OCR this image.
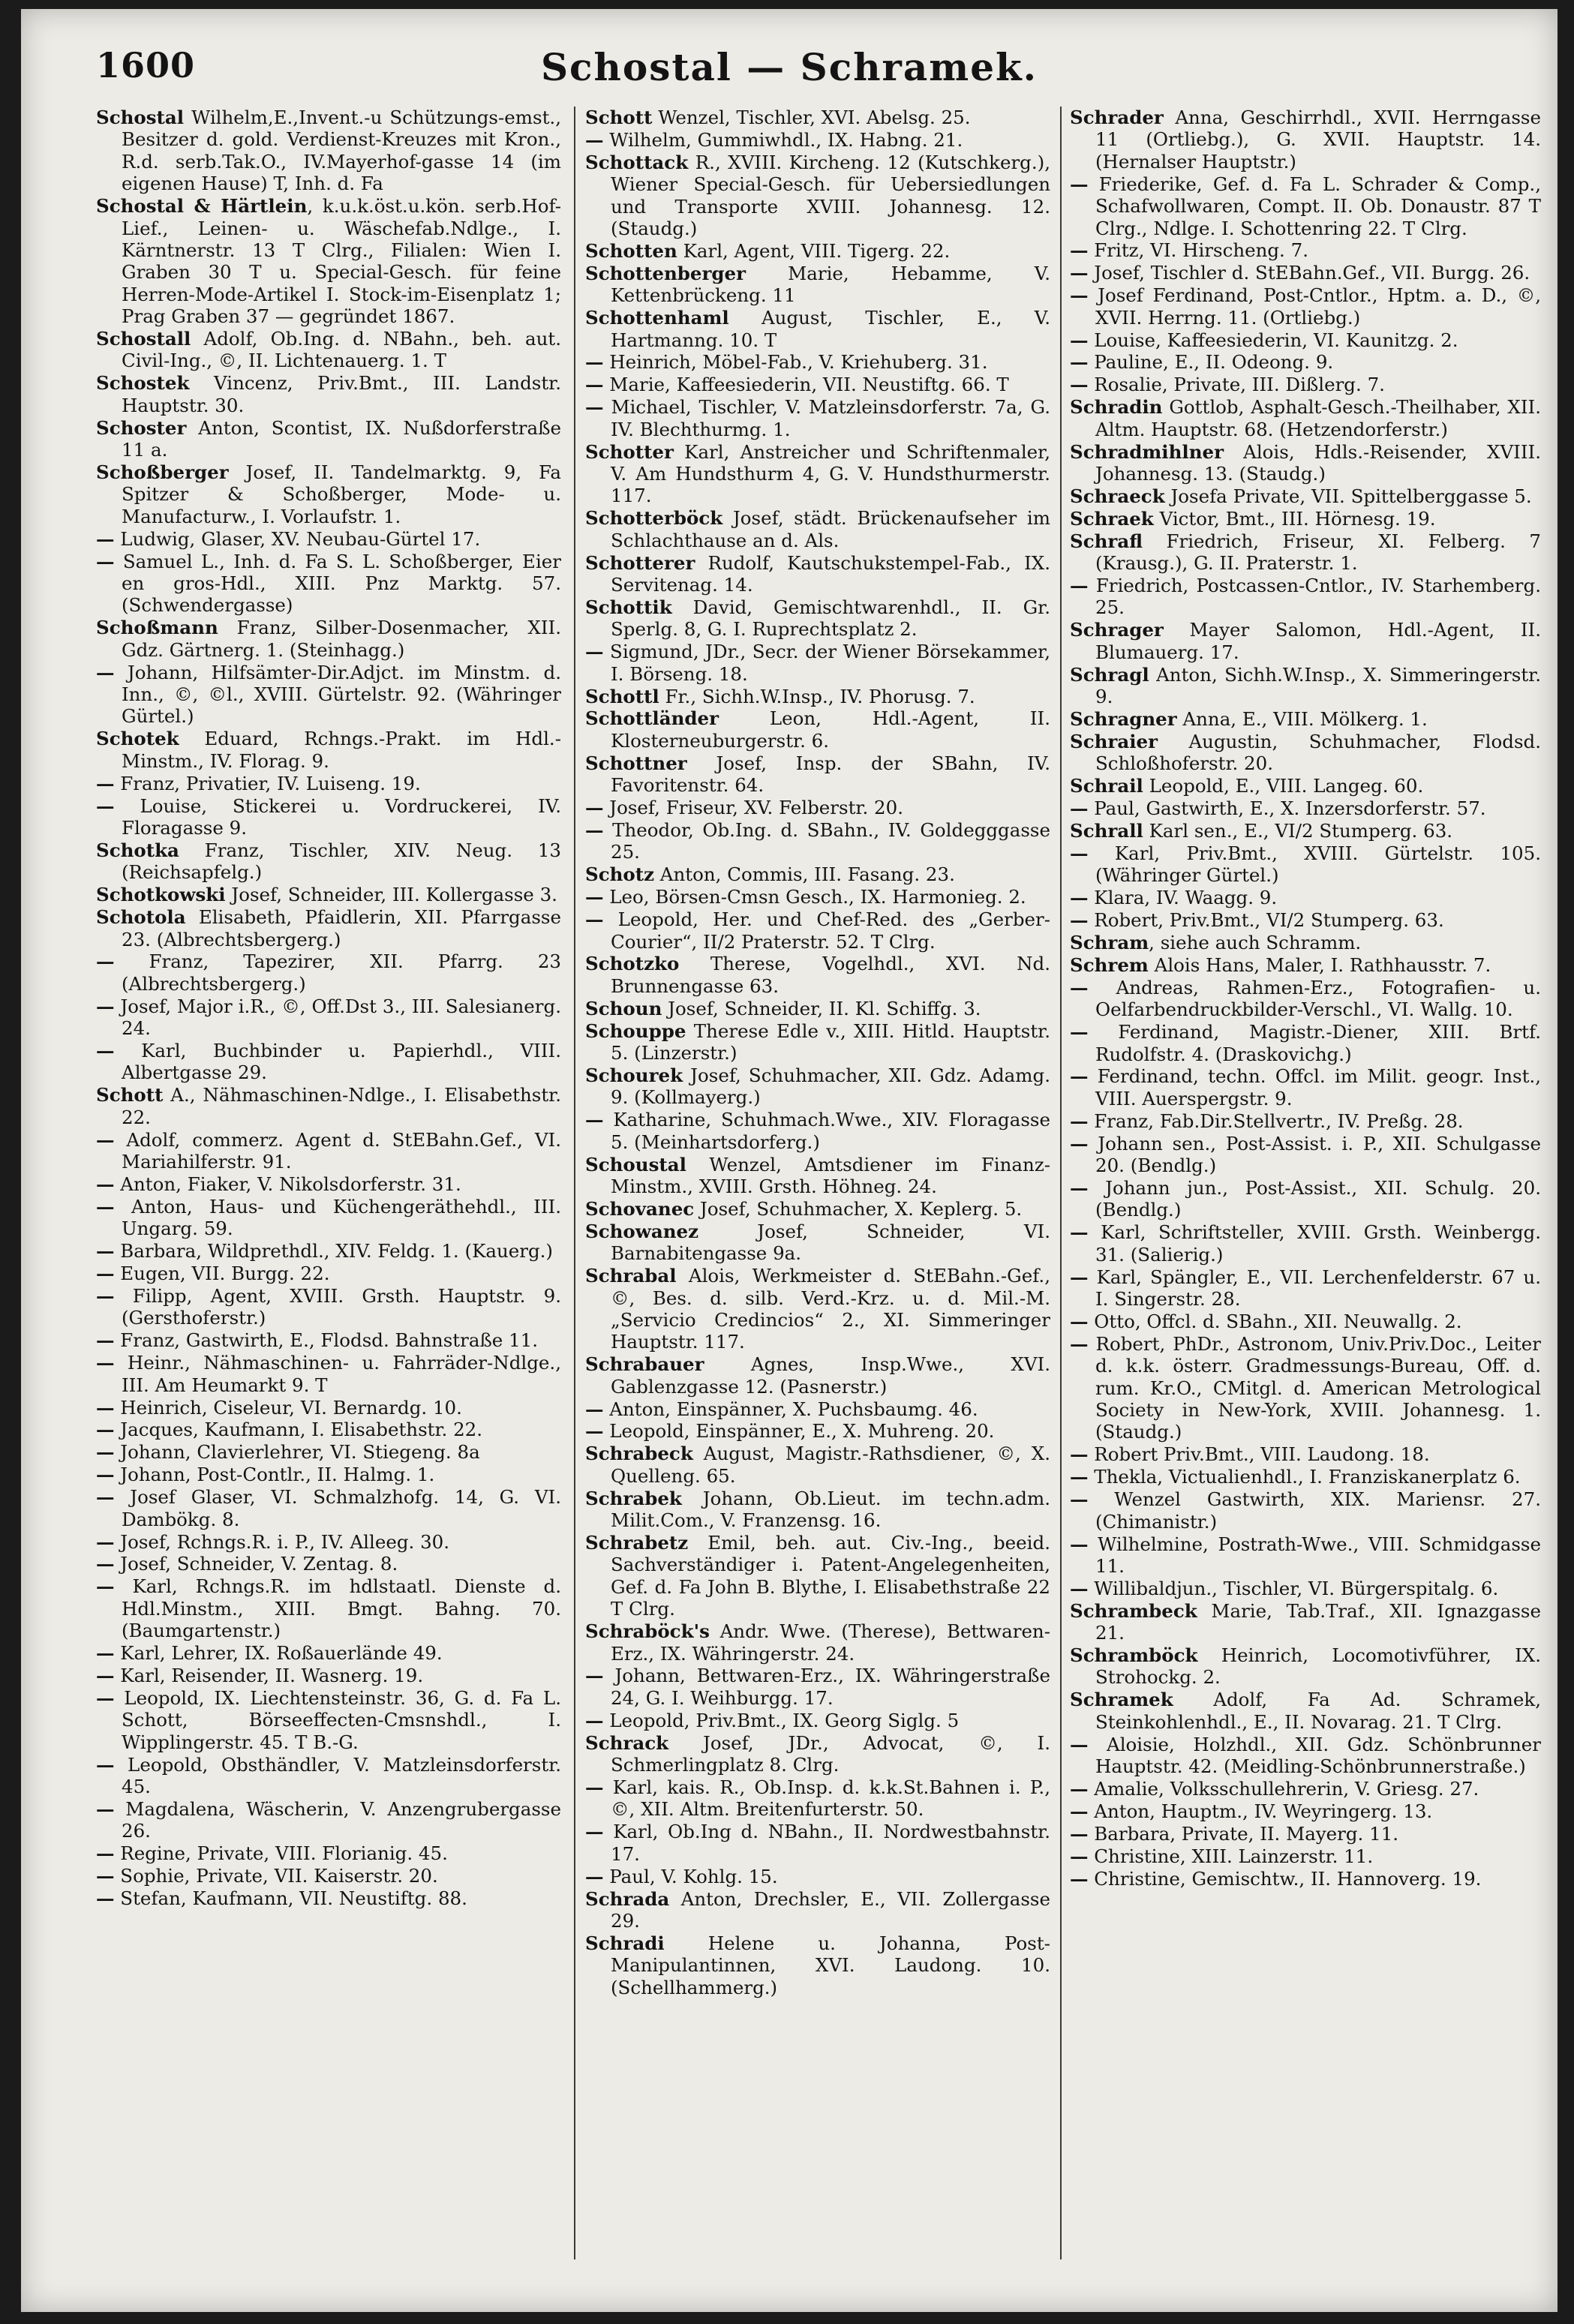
1600	Schostal — Schramek.

Schostal Wilhelm,E.,Invent.-u Schützungs-emst., Besitzer d. gold. Verdienst-Kreuzes mit Kron., R.d. serb.Tak.O., IV.Mayerhof-gasse 14 (im eigenen Hause) T, Inh. d. Fa

Schostal & Härtlein, k.u.k.öst.u.kön. serb.Hof-Lief., Leinen- u. Wäschefab.Ndlge., I. Kärntnerstr. 13 T Clrg., Filialen: Wien I. Graben 30 T u. Special-Gesch. für feine Herren-Mode-Artikel I. Stock-im-Eisenplatz 1; Prag Graben 37 — gegründet 1867.

Schostall Adolf, Ob.Ing. d. NBahn., beh. aut. Civil-Ing., ©, II. Lichtenauerg. 1. T

Schostek Vincenz, Priv.Bmt., III. Landstr. Hauptstr. 30.

Schoster Anton, Scontist, IX. Nußdorferstraße 11 a.

Schoßberger Josef, II. Tandelmarktg. 9, Fa Spitzer & Schoßberger, Mode- u. Manufacturw., I. Vorlaufstr. 1.

— Ludwig, Glaser, XV. Neubau-Gürtel 17.

— Samuel L., Inh. d. Fa S. L. Schoßberger, Eier en gros-Hdl., XIII. Pnz Marktg. 57. (Schwendergasse)

Schoßmann Franz, Silber-Dosenmacher, XII. Gdz. Gärtnerg. 1. (Steinhagg.)

— Johann, Hilfsämter-Dir.Adjct. im Minstm. d. Inn., ©, ©l., XVIII. Gürtelstr. 92. (Währinger Gürtel.)

Schotek Eduard, Rchngs.-Prakt. im Hdl.-Minstm., IV. Florag. 9.

— Franz, Privatier, IV. Luiseng. 19.

— Louise, Stickerei u. Vordruckerei, IV. Floragasse 9.

Schotka Franz, Tischler, XIV. Neug. 13 (Reichsapfelg.)

Schotkowski Josef, Schneider, III. Kollergasse 3.

Schotola Elisabeth, Pfaidlerin, XII. Pfarrgasse 23. (Albrechtsbergerg.)

— Franz, Tapezirer, XII. Pfarrg. 23 (Albrechtsbergerg.)

— Josef, Major i.R., ©, Off.Dst 3., III. Salesianerg. 24.

— Karl, Buchbinder u. Papierhdl., VIII. Albertgasse 29.

Schott A., Nähmaschinen-Ndlge., I. Elisabethstr. 22.

— Adolf, commerz. Agent d. StEBahn.Gef., VI. Mariahilferstr. 91.

— Anton, Fiaker, V. Nikolsdorferstr. 31.

— Anton, Haus- und Küchengeräthehdl., III. Ungarg. 59.

— Barbara, Wildprethdl., XIV. Feldg. 1. (Kauerg.)

— Eugen, VII. Burgg. 22.

— Filipp, Agent, XVIII. Grsth. Hauptstr. 9. (Gersthoferstr.)

— Franz, Gastwirth, E., Flodsd. Bahnstraße 11.

— Heinr., Nähmaschinen- u. Fahrräder-Ndlge., III. Am Heumarkt 9. T

— Heinrich, Ciseleur, VI. Bernardg. 10.

— Jacques, Kaufmann, I. Elisabethstr. 22.

— Johann, Clavierlehrer, VI. Stiegeng. 8a

— Johann, Post-Contlr., II. Halmg. 1.

— Josef Glaser, VI. Schmalzhofg. 14, G. VI. Dambökg. 8.

— Josef, Rchngs.R. i. P., IV. Alleeg. 30.

— Josef, Schneider, V. Zentag. 8.

— Karl, Rchngs.R. im hdlstaatl. Dienste d. Hdl.Minstm., XIII. Bmgt. Bahng. 70. (Baumgartenstr.)

— Karl, Lehrer, IX. Roßauerlände 49.

— Karl, Reisender, II. Wasnerg. 19.

— Leopold, IX. Liechtensteinstr. 36, G. d. Fa L. Schott, Börseeffecten-Cmsnshdl., I. Wipplingerstr. 45. T B.-G.

— Leopold, Obsthändler, V. Matzleinsdorferstr. 45.

— Magdalena, Wäscherin, V. Anzengrubergasse 26.

— Regine, Private, VIII. Florianig. 45.

— Sophie, Private, VII. Kaiserstr. 20.

— Stefan, Kaufmann, VII. Neustiftg. 88.

Schott Wenzel, Tischler, XVI. Abelsg. 25.

— Wilhelm, Gummiwhdl., IX. Habng. 21.

Schottack R., XVIII. Kircheng. 12 (Kutschkerg.), Wiener Special-Gesch. für Uebersiedlungen und Transporte XVIII. Johannesg. 12. (Staudg.)

Schotten Karl, Agent, VIII. Tigerg. 22.

Schottenberger Marie, Hebamme, V. Kettenbrückeng. 11

Schottenhaml August, Tischler, E., V. Hartmanng. 10. T

— Heinrich, Möbel-Fab., V. Kriehuberg. 31.

— Marie, Kaffeesiederin, VII. Neustiftg. 66. T

— Michael, Tischler, V. Matzleinsdorferstr. 7a, G. IV. Blechthurmg. 1.

Schotter Karl, Anstreicher und Schriftenmaler, V. Am Hundsthurm 4, G. V. Hundsthurmerstr. 117.

Schotterböck Josef, städt. Brückenaufseher im Schlachthause an d. Als.

Schotterer Rudolf, Kautschukstempel-Fab., IX. Servitenag. 14.

Schottik David, Gemischtwarenhdl., II. Gr. Sperlg. 8, G. I. Ruprechtsplatz 2.

— Sigmund, JDr., Secr. der Wiener Börsekammer, I. Börseng. 18.

Schottl Fr., Sichh.W.Insp., IV. Phorusg. 7.

Schottländer Leon, Hdl.-Agent, II. Klosterneuburgerstr. 6.

Schottner Josef, Insp. der SBahn, IV. Favoritenstr. 64.

— Josef, Friseur, XV. Felberstr. 20.

— Theodor, Ob.Ing. d. SBahn., IV. Goldegggasse 25.

Schotz Anton, Commis, III. Fasang. 23.

— Leo, Börsen-Cmsn Gesch., IX. Harmonieg. 2.

— Leopold, Her. und Chef-Red. des „Gerber-Courier“, II/2 Praterstr. 52. T Clrg.

Schotzko Therese, Vogelhdl., XVI. Nd. Brunnengasse 63.

Schoun Josef, Schneider, II. Kl. Schiffg. 3.

Schouppe Therese Edle v., XIII. Hitld. Hauptstr. 5. (Linzerstr.)

Schourek Josef, Schuhmacher, XII. Gdz. Adamg. 9. (Kollmayerg.)

— Katharine, Schuhmach.Wwe., XIV. Floragasse 5. (Meinhartsdorferg.)

Schoustal Wenzel, Amtsdiener im Finanz-Minstm., XVIII. Grsth. Höhneg. 24.

Schovanec Josef, Schuhmacher, X. Keplerg. 5.

Schowanez Josef, Schneider, VI. Barnabitengasse 9a.

Schrabal Alois, Werkmeister d. StEBahn.-Gef., ©, Bes. d. silb. Verd.-Krz. u. d. Mil.-M. „Servicio Credincios“ 2., XI. Simmeringer Hauptstr. 117.

Schrabauer Agnes, Insp.Wwe., XVI. Gablenzgasse 12. (Pasnerstr.)

— Anton, Einspänner, X. Puchsbaumg. 46.

— Leopold, Einspänner, E., X. Muhreng. 20.

Schrabeck August, Magistr.-Rathsdiener, ©, X. Quelleng. 65.

Schrabek Johann, Ob.Lieut. im techn.adm. Milit.Com., V. Franzensg. 16.

Schrabetz Emil, beh. aut. Civ.-Ing., beeid. Sachverständiger i. Patent-Angelegenheiten, Gef. d. Fa John B. Blythe, I. Elisabethstraße 22 T Clrg.

Schraböck's Andr. Wwe. (Therese), Bettwaren-Erz., IX. Währingerstr. 24.

— Johann, Bettwaren-Erz., IX. Währingerstraße 24, G. I. Weihburgg. 17.

— Leopold, Priv.Bmt., IX. Georg Siglg. 5

Schrack Josef, JDr., Advocat, ©, I. Schmerlingplatz 8. Clrg.

— Karl, kais. R., Ob.Insp. d. k.k.St.Bahnen i. P., ©, XII. Altm. Breitenfurterstr. 50.

— Karl, Ob.Ing d. NBahn., II. Nordwestbahnstr. 17.

— Paul, V. Kohlg. 15.

Schrada Anton, Drechsler, E., VII. Zollergasse 29.

Schradi Helene u. Johanna, Post-Manipulantinnen, XVI. Laudong. 10. (Schellhammerg.)

Schrader Anna, Geschirrhdl., XVII. Herrngasse 11 (Ortliebg.), G. XVII. Hauptstr. 14. (Hernalser Hauptstr.)

— Friederike, Gef. d. Fa L. Schrader & Comp., Schafwollwaren, Compt. II. Ob. Donaustr. 87 T Clrg., Ndlge. I. Schottenring 22. T Clrg.

— Fritz, VI. Hirscheng. 7.

— Josef, Tischler d. StEBahn.Gef., VII. Burgg. 26.

— Josef Ferdinand, Post-Cntlor., Hptm. a. D., ©, XVII. Herrng. 11. (Ortliebg.)

— Louise, Kaffeesiederin, VI. Kaunitzg. 2.

— Pauline, E., II. Odeong. 9.

— Rosalie, Private, III. Dißlerg. 7.

Schradin Gottlob, Asphalt-Gesch.-Theilhaber, XII. Altm. Hauptstr. 68. (Hetzendorferstr.)

Schradmihlner Alois, Hdls.-Reisender, XVIII. Johannesg. 13. (Staudg.)

Schraeck Josefa Private, VII. Spittelberggasse 5.

Schraek Victor, Bmt., III. Hörnesg. 19.

Schrafl Friedrich, Friseur, XI. Felberg. 7 (Krausg.), G. II. Praterstr. 1.

— Friedrich, Postcassen-Cntlor., IV. Starhemberg. 25.

Schrager Mayer Salomon, Hdl.-Agent, II. Blumauerg. 17.

Schragl Anton, Sichh.W.Insp., X. Simmeringerstr. 9.

Schragner Anna, E., VIII. Mölkerg. 1.

Schraier Augustin, Schuhmacher, Flodsd. Schloßhoferstr. 20.

Schrail Leopold, E., VIII. Langeg. 60.

— Paul, Gastwirth, E., X. Inzersdorferstr. 57.

Schrall Karl sen., E., VI/2 Stumperg. 63.

— Karl, Priv.Bmt., XVIII. Gürtelstr. 105. (Währinger Gürtel.)

— Klara, IV. Waagg. 9.

— Robert, Priv.Bmt., VI/2 Stumperg. 63.

Schram, siehe auch Schramm.

Schrem Alois Hans, Maler, I. Rathhausstr. 7.

— Andreas, Rahmen-Erz., Fotografien- u. Oelfarbendruckbilder-Verschl., VI. Wallg. 10.

— Ferdinand, Magistr.-Diener, XIII. Brtf. Rudolfstr. 4. (Draskovichg.)

— Ferdinand, techn. Offcl. im Milit. geogr. Inst., VIII. Auerspergstr. 9.

— Franz, Fab.Dir.Stellvertr., IV. Preßg. 28.

— Johann sen., Post-Assist. i. P., XII. Schulgasse 20. (Bendlg.)

— Johann jun., Post-Assist., XII. Schulg. 20. (Bendlg.)

— Karl, Schriftsteller, XVIII. Grsth. Weinbergg. 31. (Salierig.)

— Karl, Spängler, E., VII. Lerchenfelderstr. 67 u. I. Singerstr. 28.

— Otto, Offcl. d. SBahn., XII. Neuwallg. 2.

— Robert, PhDr., Astronom, Univ.Priv.Doc., Leiter d. k.k. österr. Gradmessungs-Bureau, Off. d. rum. Kr.O., CMitgl. d. American Metrological Society in New-York, XVIII. Johannesg. 1. (Staudg.)

— Robert Priv.Bmt., VIII. Laudong. 18.

— Thekla, Victualienhdl., I. Franziskanerplatz 6.

— Wenzel Gastwirth, XIX. Mariensr. 27. (Chimanistr.)

— Wilhelmine, Postrath-Wwe., VIII. Schmidgasse 11.

— Willibaldjun., Tischler, VI. Bürgerspitalg. 6.

Schrambeck Marie, Tab.Traf., XII. Ignazgasse 21.

Schramböck Heinrich, Locomotivführer, IX. Strohockg. 2.

Schramek Adolf, Fa Ad. Schramek, Steinkohlenhdl., E., II. Novarag. 21. T Clrg.

— Aloisie, Holzhdl., XII. Gdz. Schönbrunner Hauptstr. 42. (Meidling-Schönbrunnerstraße.)

— Amalie, Volksschullehrerin, V. Griesg. 27.

— Anton, Hauptm., IV. Weyringerg. 13.

— Barbara, Private, II. Mayerg. 11.

— Christine, XIII. Lainzerstr. 11.

— Christine, Gemischtw., II. Hannoverg. 19.
